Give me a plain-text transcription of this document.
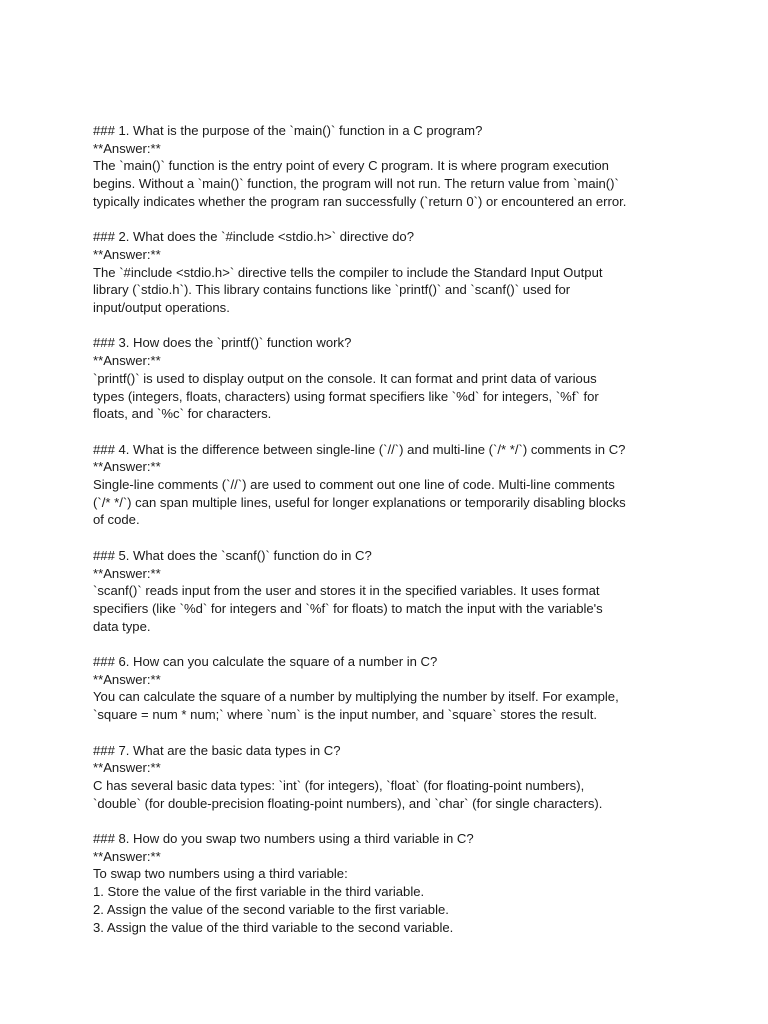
### 1. What is the purpose of the `main()` function in a C program?
**Answer:**
The `main()` function is the entry point of every C program. It is where program execution
begins. Without a `main()` function, the program will not run. The return value from `main()`
typically indicates whether the program ran successfully (`return 0`) or encountered an error.
### 2. What does the `#include <stdio.h>` directive do?
**Answer:**
The `#include <stdio.h>` directive tells the compiler to include the Standard Input Output
library (`stdio.h`). This library contains functions like `printf()` and `scanf()` used for
input/output operations.
### 3. How does the `printf()` function work?
**Answer:**
`printf()` is used to display output on the console. It can format and print data of various
types (integers, floats, characters) using format specifiers like `%d` for integers, `%f` for
floats, and `%c` for characters.
### 4. What is the difference between single-line (`//`) and multi-line (`/* */`) comments in C?
**Answer:**
Single-line comments (`//`) are used to comment out one line of code. Multi-line comments
(`/* */`) can span multiple lines, useful for longer explanations or temporarily disabling blocks
of code.
### 5. What does the `scanf()` function do in C?
**Answer:**
`scanf()` reads input from the user and stores it in the specified variables. It uses format
specifiers (like `%d` for integers and `%f` for floats) to match the input with the variable's
data type.
### 6. How can you calculate the square of a number in C?
**Answer:**
You can calculate the square of a number by multiplying the number by itself. For example,
`square = num * num;` where `num` is the input number, and `square` stores the result.
### 7. What are the basic data types in C?
**Answer:**
C has several basic data types: `int` (for integers), `float` (for floating-point numbers),
`double` (for double-precision floating-point numbers), and `char` (for single characters).
### 8. How do you swap two numbers using a third variable in C?
**Answer:**
To swap two numbers using a third variable:
1. Store the value of the first variable in the third variable.
2. Assign the value of the second variable to the first variable.
3. Assign the value of the third variable to the second variable.
